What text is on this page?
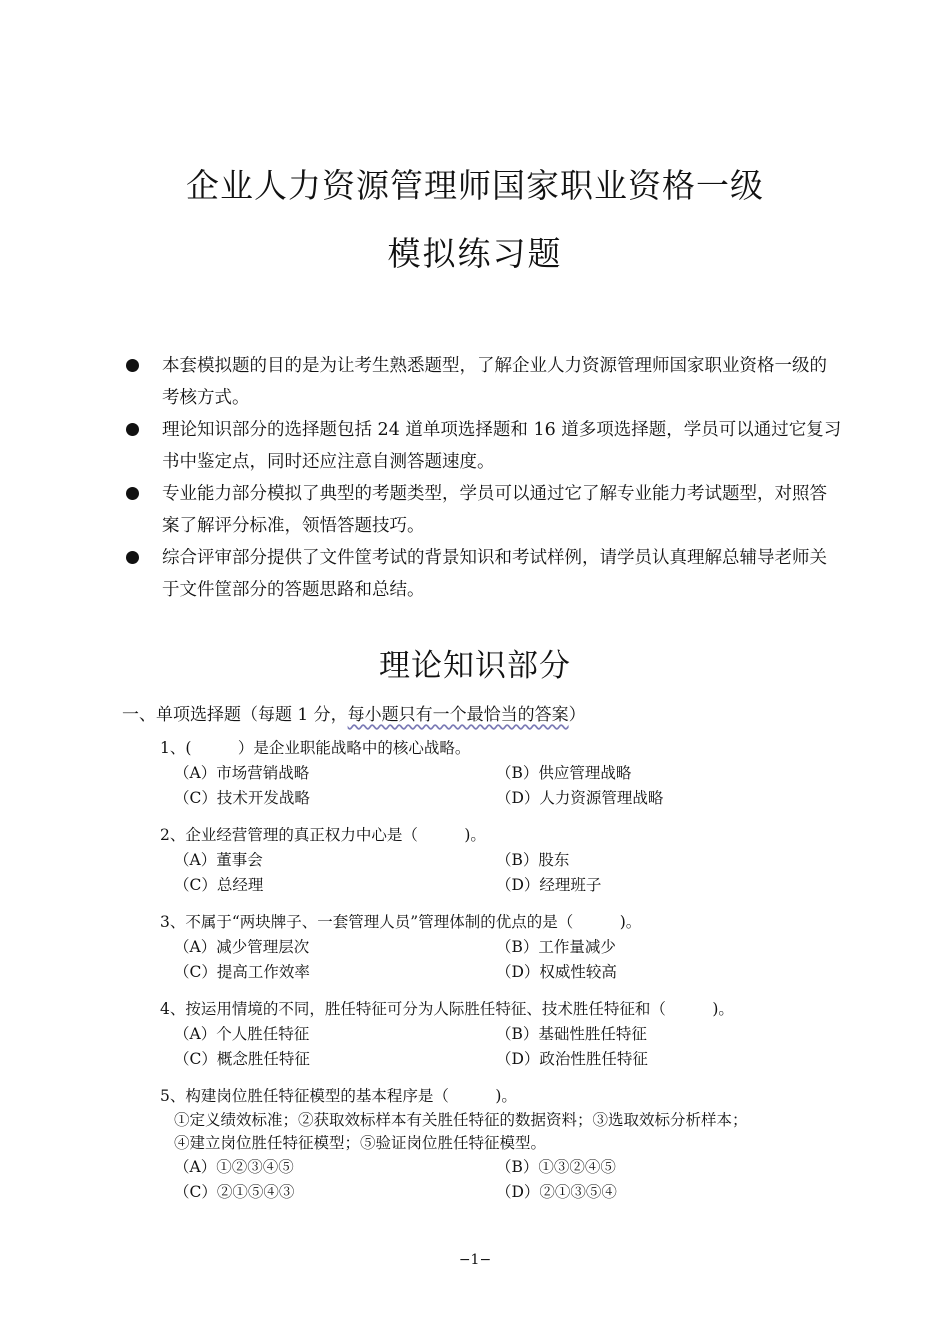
企业人力资源管理师国家职业资格一级
模拟练习题
本套模拟题的目的是为让考生熟悉题型，了解企业人力资源管理师国家职业资格一级的考核方式。
理论知识部分的选择题包括 24 道单项选择题和 16 道多项选择题，学员可以通过它复习书中鉴定点，同时还应注意自测答题速度。
专业能力部分模拟了典型的考题类型，学员可以通过它了解专业能力考试题型，对照答案了解评分标准，领悟答题技巧。
综合评审部分提供了文件筐考试的背景知识和考试样例，请学员认真理解总辅导老师关于文件筐部分的答题思路和总结。
理论知识部分
一、单项选择题（每题 1 分，每小题只有一个最恰当的答案）
1、(　　　）是企业职能战略中的核心战略。
（A）市场营销战略	（B）供应管理战略
（C）技术开发战略	（D）人力资源管理战略
2、企业经营管理的真正权力中心是（　　　)。
（A）董事会	（B）股东
（C）总经理	（D）经理班子
3、不属于“两块牌子、一套管理人员”管理体制的优点的是（　　　)。
（A）减少管理层次	（B）工作量减少
（C）提高工作效率	（D）权威性较高
4、按运用情境的不同，胜任特征可分为人际胜任特征、技术胜任特征和（　　　)。
（A）个人胜任特征	（B）基础性胜任特征
（C）概念胜任特征	（D）政治性胜任特征
5、构建岗位胜任特征模型的基本程序是（　　　)。
①定义绩效标准；②获取效标样本有关胜任特征的数据资料；③选取效标分析样本；
④建立岗位胜任特征模型；⑤验证岗位胜任特征模型。
（A）①②③④⑤	（B）①③②④⑤
（C）②①⑤④③	（D）②①③⑤④
−1−
